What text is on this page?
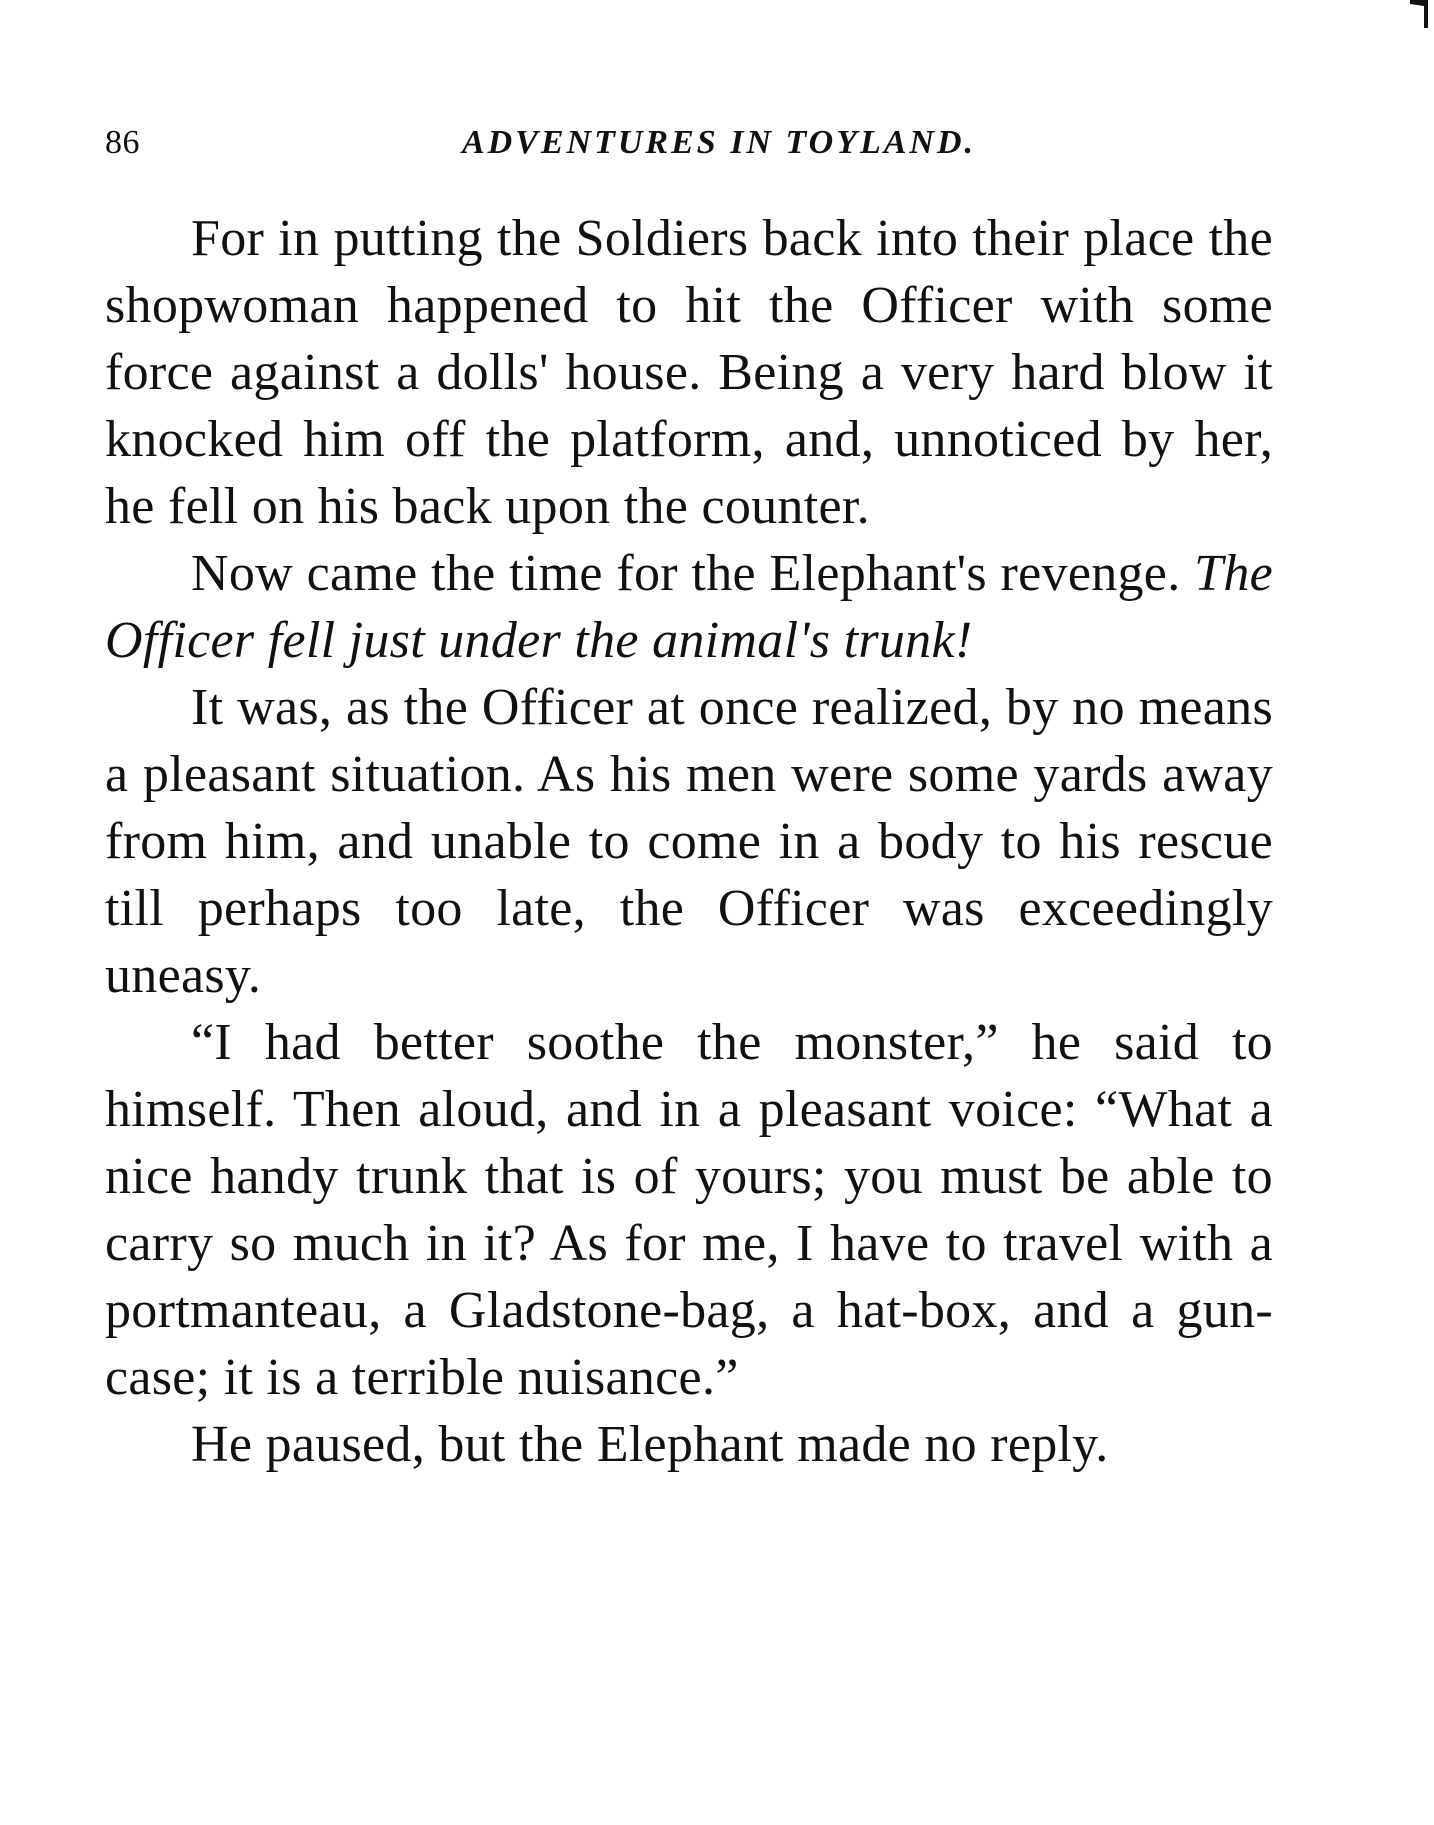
86	ADVENTURES IN TOYLAND.

For in putting the Soldiers back into their place the shopwoman happened to hit the Officer with some force against a dolls' house. Being a very hard blow it knocked him off the platform, and, unnoticed by her, he fell on his back upon the counter.

Now came the time for the Elephant's revenge. The Officer fell just under the animal's trunk!

It was, as the Officer at once realized, by no means a pleasant situation. As his men were some yards away from him, and unable to come in a body to his rescue till perhaps too late, the Officer was exceedingly uneasy.

“I had better soothe the monster,” he said to himself. Then aloud, and in a pleasant voice: “What a nice handy trunk that is of yours; you must be able to carry so much in it? As for me, I have to travel with a portmanteau, a Gladstone-bag, a hat-box, and a gun-case; it is a terrible nuisance.”

He paused, but the Elephant made no reply.
